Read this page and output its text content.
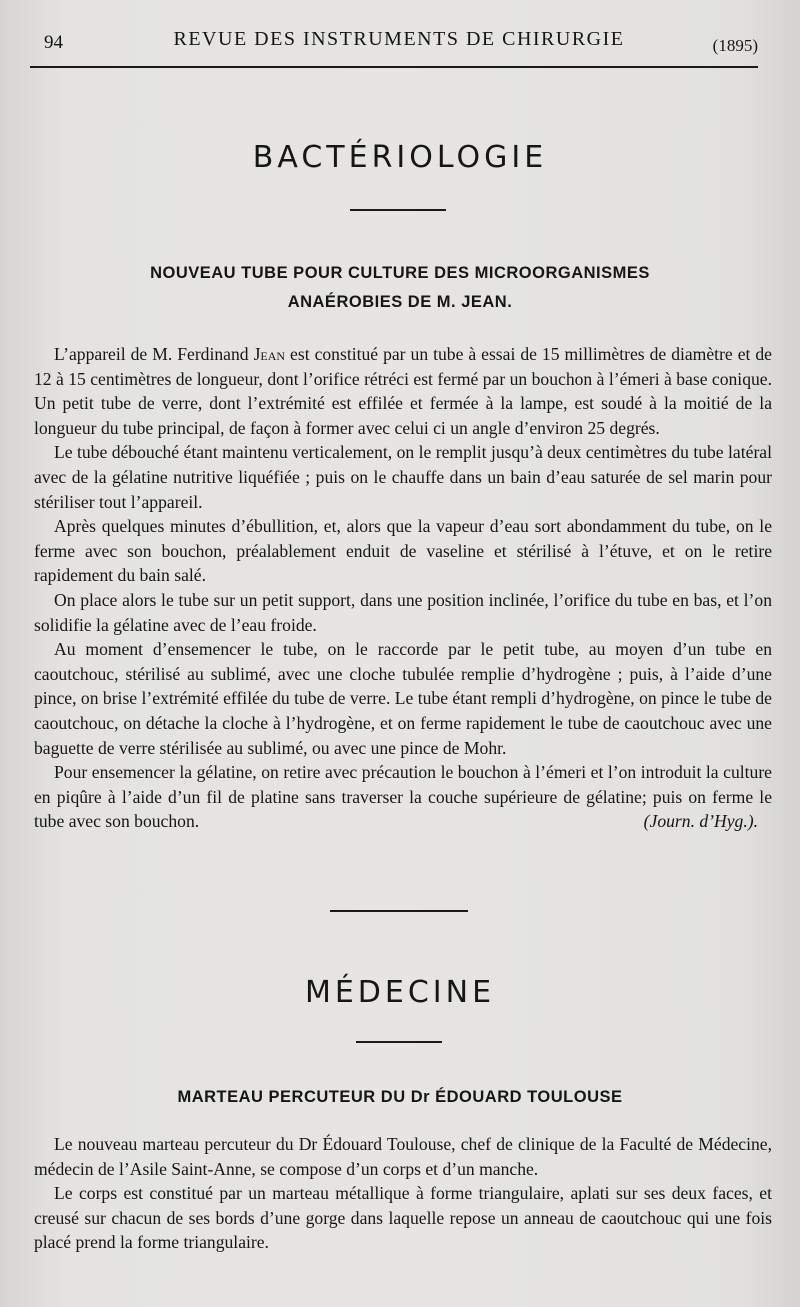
94	REVUE DES INSTRUMENTS DE CHIRURGIE	(1895)
BACTÉRIOLOGIE
NOUVEAU TUBE POUR CULTURE DES MICROORGANISMES
ANAÉROBIES DE M. JEAN.

L’appareil de M. Ferdinand Jean est constitué par un tube à essai de 15 millimètres de diamètre et de 12 à 15 centimètres de longueur, dont l’orifice rétréci est fermé par un bouchon à l’émeri à base conique. Un petit tube de verre, dont l’extrémité est effilée et fermée à la lampe, est soudé à la moitié de la longueur du tube principal, de façon à former avec celui ci un angle d’environ 25 degrés.

Le tube débouché étant maintenu verticalement, on le remplit jusqu’à deux centimètres du tube latéral avec de la gélatine nutritive liquéfiée ; puis on le chauffe dans un bain d’eau saturée de sel marin pour stériliser tout l’appareil.

Après quelques minutes d’ébullition, et, alors que la vapeur d’eau sort abondamment du tube, on le ferme avec son bouchon, préalablement enduit de vaseline et stérilisé à l’étuve, et on le retire rapidement du bain salé.

On place alors le tube sur un petit support, dans une position inclinée, l’orifice du tube en bas, et l’on solidifie la gélatine avec de l’eau froide.

Au moment d’ensemencer le tube, on le raccorde par le petit tube, au moyen d’un tube en caoutchouc, stérilisé au sublimé, avec une cloche tubulée remplie d’hydrogène ; puis, à l’aide d’une pince, on brise l’extrémité effilée du tube de verre. Le tube étant rempli d’hydrogène, on pince le tube de caoutchouc, on détache la cloche à l’hydrogène, et on ferme rapidement le tube de caoutchouc avec une baguette de verre stérilisée au sublimé, ou avec une pince de Mohr.

Pour ensemencer la gélatine, on retire avec précaution le bouchon à l’émeri et l’on introduit la culture en piqûre à l’aide d’un fil de platine sans traverser la couche supérieure de gélatine; puis on ferme le tube avec son bouchon.	(Journ. d’Hyg.).

MÉDECINE
MARTEAU PERCUTEUR DU Dr ÉDOUARD TOULOUSE

Le nouveau marteau percuteur du Dr Édouard Toulouse, chef de clinique de la Faculté de Médecine, médecin de l’Asile Saint-Anne, se compose d’un corps et d’un manche.

Le corps est constitué par un marteau métallique à forme triangulaire, aplati sur ses deux faces, et creusé sur chacun de ses bords d’une gorge dans laquelle repose un anneau de caoutchouc qui une fois placé prend la forme triangulaire.
